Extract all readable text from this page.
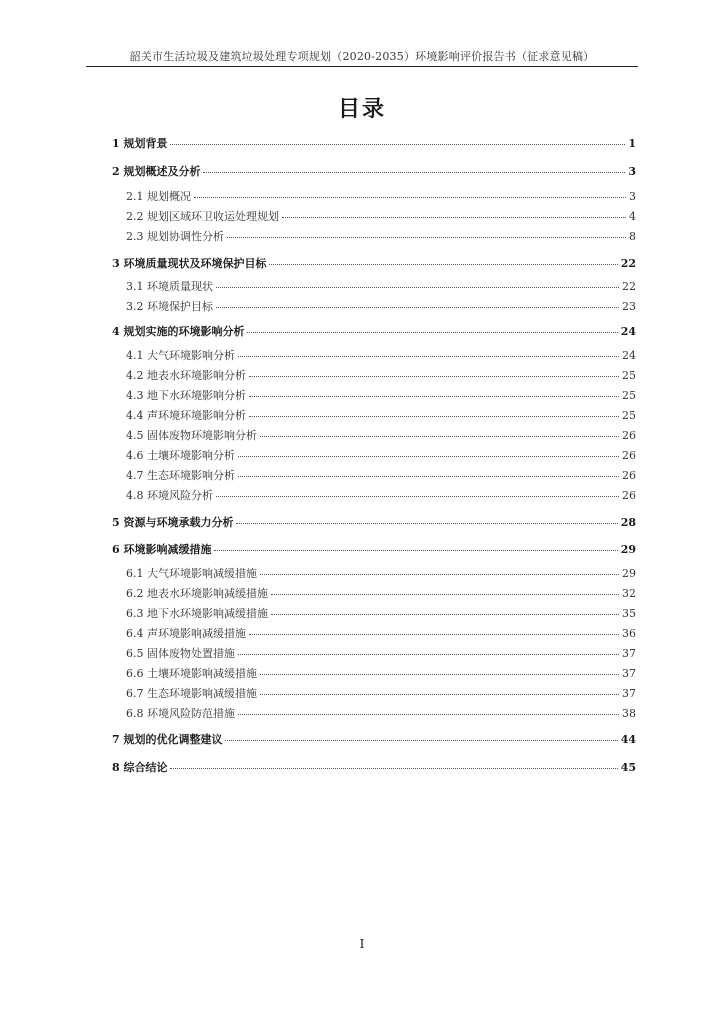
韶关市生活垃圾及建筑垃圾处理专项规划（2020-2035）环境影响评价报告书（征求意见稿）
目录
1 规划背景	1
2 规划概述及分析	3
2.1 规划概况	3
2.2 规划区域环卫收运处理规划	4
2.3 规划协调性分析	8
3 环境质量现状及环境保护目标	22
3.1 环境质量现状	22
3.2 环境保护目标	23
4 规划实施的环境影响分析	24
4.1 大气环境影响分析	24
4.2 地表水环境影响分析	25
4.3 地下水环境影响分析	25
4.4 声环境环境影响分析	25
4.5 固体废物环境影响分析	26
4.6 土壤环境影响分析	26
4.7 生态环境影响分析	26
4.8 环境风险分析	26
5 资源与环境承载力分析	28
6 环境影响减缓措施	29
6.1 大气环境影响减缓措施	29
6.2 地表水环境影响减缓措施	32
6.3 地下水环境影响减缓措施	35
6.4 声环境影响减缓措施	36
6.5 固体废物处置措施	37
6.6 土壤环境影响减缓措施	37
6.7 生态环境影响减缓措施	37
6.8 环境风险防范措施	38
7 规划的优化调整建议	44
8 综合结论	45
I
